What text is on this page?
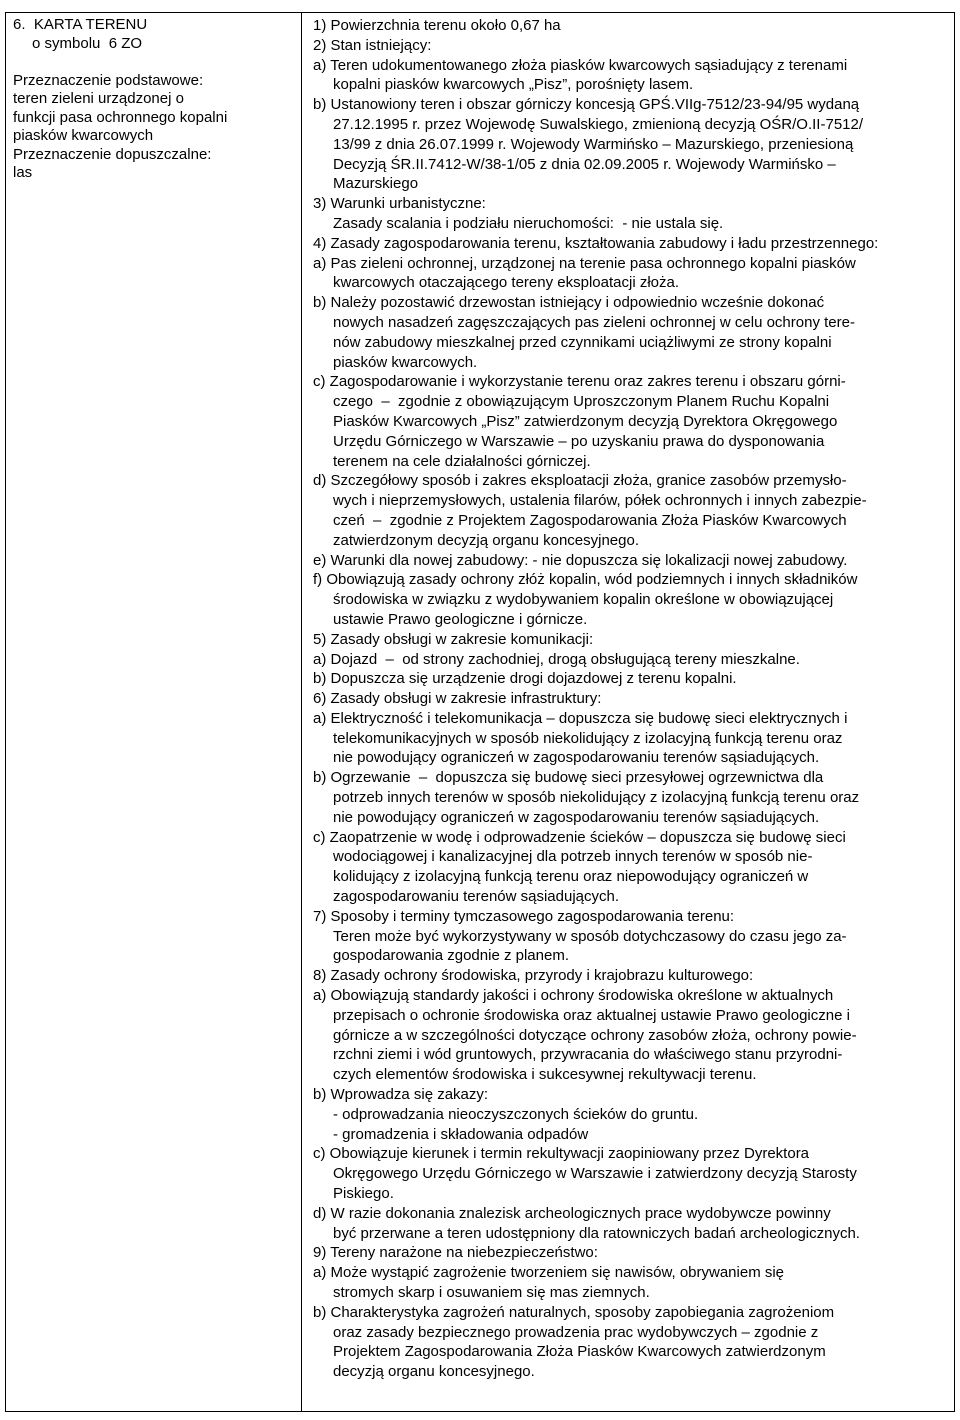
6.  KARTA TERENU
o symbolu  6 ZO
Przeznaczenie podstawowe:
teren zieleni urządzonej o
funkcji pasa ochronnego kopalni
piasków kwarcowych
Przeznaczenie dopuszczalne:
las
1) Powierzchnia terenu około 0,67 ha
2) Stan istniejący:
a) Teren udokumentowanego złoża piasków kwarcowych sąsiadujący z terenami
kopalni piasków kwarcowych „Pisz”, porośnięty lasem.
b) Ustanowiony teren i obszar górniczy koncesją GPŚ.VIIg-7512/23-94/95 wydaną
27.12.1995 r. przez Wojewodę Suwalskiego, zmienioną decyzją OŚR/O.II-7512/
13/99 z dnia 26.07.1999 r. Wojewody Warmińsko – Mazurskiego, przeniesioną
Decyzją ŚR.II.7412-W/38-1/05 z dnia 02.09.2005 r. Wojewody Warmińsko –
Mazurskiego
3) Warunki urbanistyczne:
Zasady scalania i podziału nieruchomości:  - nie ustala się.
4) Zasady zagospodarowania terenu, kształtowania zabudowy i ładu przestrzennego:
a) Pas zieleni ochronnej, urządzonej na terenie pasa ochronnego kopalni piasków
kwarcowych otaczającego tereny eksploatacji złoża.
b) Należy pozostawić drzewostan istniejący i odpowiednio wcześnie dokonać
nowych nasadzeń zagęszczających pas zieleni ochronnej w celu ochrony tere-
nów zabudowy mieszkalnej przed czynnikami uciążliwymi ze strony kopalni
piasków kwarcowych.
c) Zagospodarowanie i wykorzystanie terenu oraz zakres terenu i obszaru górni-
czego  –  zgodnie z obowiązującym Uproszczonym Planem Ruchu Kopalni
Piasków Kwarcowych „Pisz” zatwierdzonym decyzją Dyrektora Okręgowego
Urzędu Górniczego w Warszawie – po uzyskaniu prawa do dysponowania
terenem na cele działalności górniczej.
d) Szczegółowy sposób i zakres eksploatacji złoża, granice zasobów przemysło-
wych i nieprzemysłowych, ustalenia filarów, półek ochronnych i innych zabezpie-
czeń  –  zgodnie z Projektem Zagospodarowania Złoża Piasków Kwarcowych
zatwierdzonym decyzją organu koncesyjnego.
e) Warunki dla nowej zabudowy: - nie dopuszcza się lokalizacji nowej zabudowy.
f) Obowiązują zasady ochrony złóż kopalin, wód podziemnych i innych składników
środowiska w związku z wydobywaniem kopalin określone w obowiązującej
ustawie Prawo geologiczne i górnicze.
5) Zasady obsługi w zakresie komunikacji:
a) Dojazd  –  od strony zachodniej, drogą obsługującą tereny mieszkalne.
b) Dopuszcza się urządzenie drogi dojazdowej z terenu kopalni.
6) Zasady obsługi w zakresie infrastruktury:
a) Elektryczność i telekomunikacja – dopuszcza się budowę sieci elektrycznych i
telekomunikacyjnych w sposób niekolidujący z izolacyjną funkcją terenu oraz
nie powodujący ograniczeń w zagospodarowaniu terenów sąsiadujących.
b) Ogrzewanie  –  dopuszcza się budowę sieci przesyłowej ogrzewnictwa dla
potrzeb innych terenów w sposób niekolidujący z izolacyjną funkcją terenu oraz
nie powodujący ograniczeń w zagospodarowaniu terenów sąsiadujących.
c) Zaopatrzenie w wodę i odprowadzenie ścieków – dopuszcza się budowę sieci
wodociągowej i kanalizacyjnej dla potrzeb innych terenów w sposób nie-
kolidujący z izolacyjną funkcją terenu oraz niepowodujący ograniczeń w
zagospodarowaniu terenów sąsiadujących.
7) Sposoby i terminy tymczasowego zagospodarowania terenu:
Teren może być wykorzystywany w sposób dotychczasowy do czasu jego za-
gospodarowania zgodnie z planem.
8) Zasady ochrony środowiska, przyrody i krajobrazu kulturowego:
a) Obowiązują standardy jakości i ochrony środowiska określone w aktualnych
przepisach o ochronie środowiska oraz aktualnej ustawie Prawo geologiczne i
górnicze a w szczególności dotyczące ochrony zasobów złoża, ochrony powie-
rzchni ziemi i wód gruntowych, przywracania do właściwego stanu przyrodni-
czych elementów środowiska i sukcesywnej rekultywacji terenu.
b) Wprowadza się zakazy:
- odprowadzania nieoczyszczonych ścieków do gruntu.
- gromadzenia i składowania odpadów
c) Obowiązuje kierunek i termin rekultywacji zaopiniowany przez Dyrektora
Okręgowego Urzędu Górniczego w Warszawie i zatwierdzony decyzją Starosty
Piskiego.
d) W razie dokonania znalezisk archeologicznych prace wydobywcze powinny
być przerwane a teren udostępniony dla ratowniczych badań archeologicznych.
9) Tereny narażone na niebezpieczeństwo:
a) Może wystąpić zagrożenie tworzeniem się nawisów, obrywaniem się
stromych skarp i osuwaniem się mas ziemnych.
b) Charakterystyka zagrożeń naturalnych, sposoby zapobiegania zagrożeniom
oraz zasady bezpiecznego prowadzenia prac wydobywczych – zgodnie z
Projektem Zagospodarowania Złoża Piasków Kwarcowych zatwierdzonym
decyzją organu koncesyjnego.
